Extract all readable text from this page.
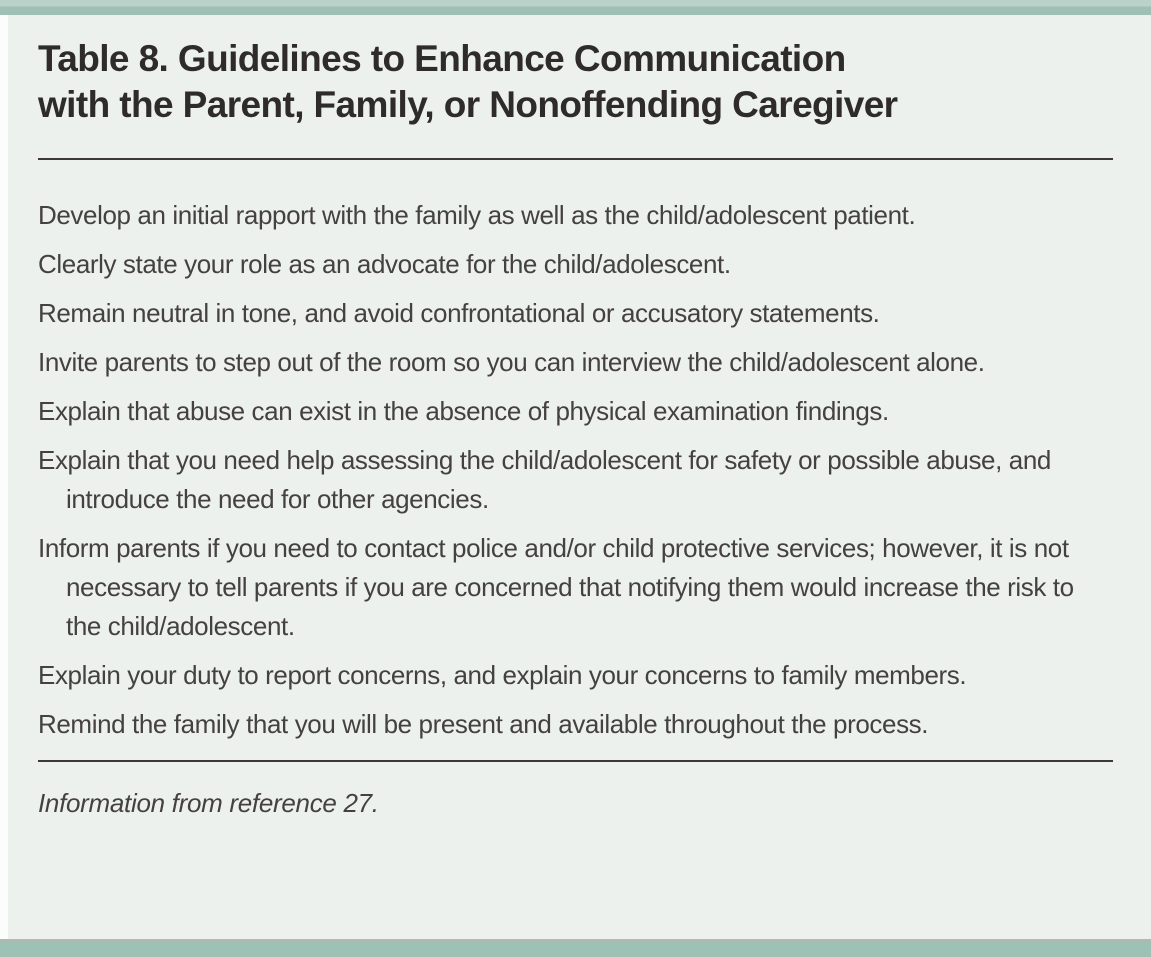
Table 8. Guidelines to Enhance Communication
with the Parent, Family, or Nonoffending Caregiver
Develop an initial rapport with the family as well as the child/adolescent patient.
Clearly state your role as an advocate for the child/adolescent.
Remain neutral in tone, and avoid confrontational or accusatory statements.
Invite parents to step out of the room so you can interview the child/adolescent alone.
Explain that abuse can exist in the absence of physical examination findings.
Explain that you need help assessing the child/adolescent for safety or possible abuse, and introduce the need for other agencies.
Inform parents if you need to contact police and/or child protective services; however, it is not necessary to tell parents if you are concerned that notifying them would increase the risk to the child/adolescent.
Explain your duty to report concerns, and explain your concerns to family members.
Remind the family that you will be present and available throughout the process.

Information from reference 27.
